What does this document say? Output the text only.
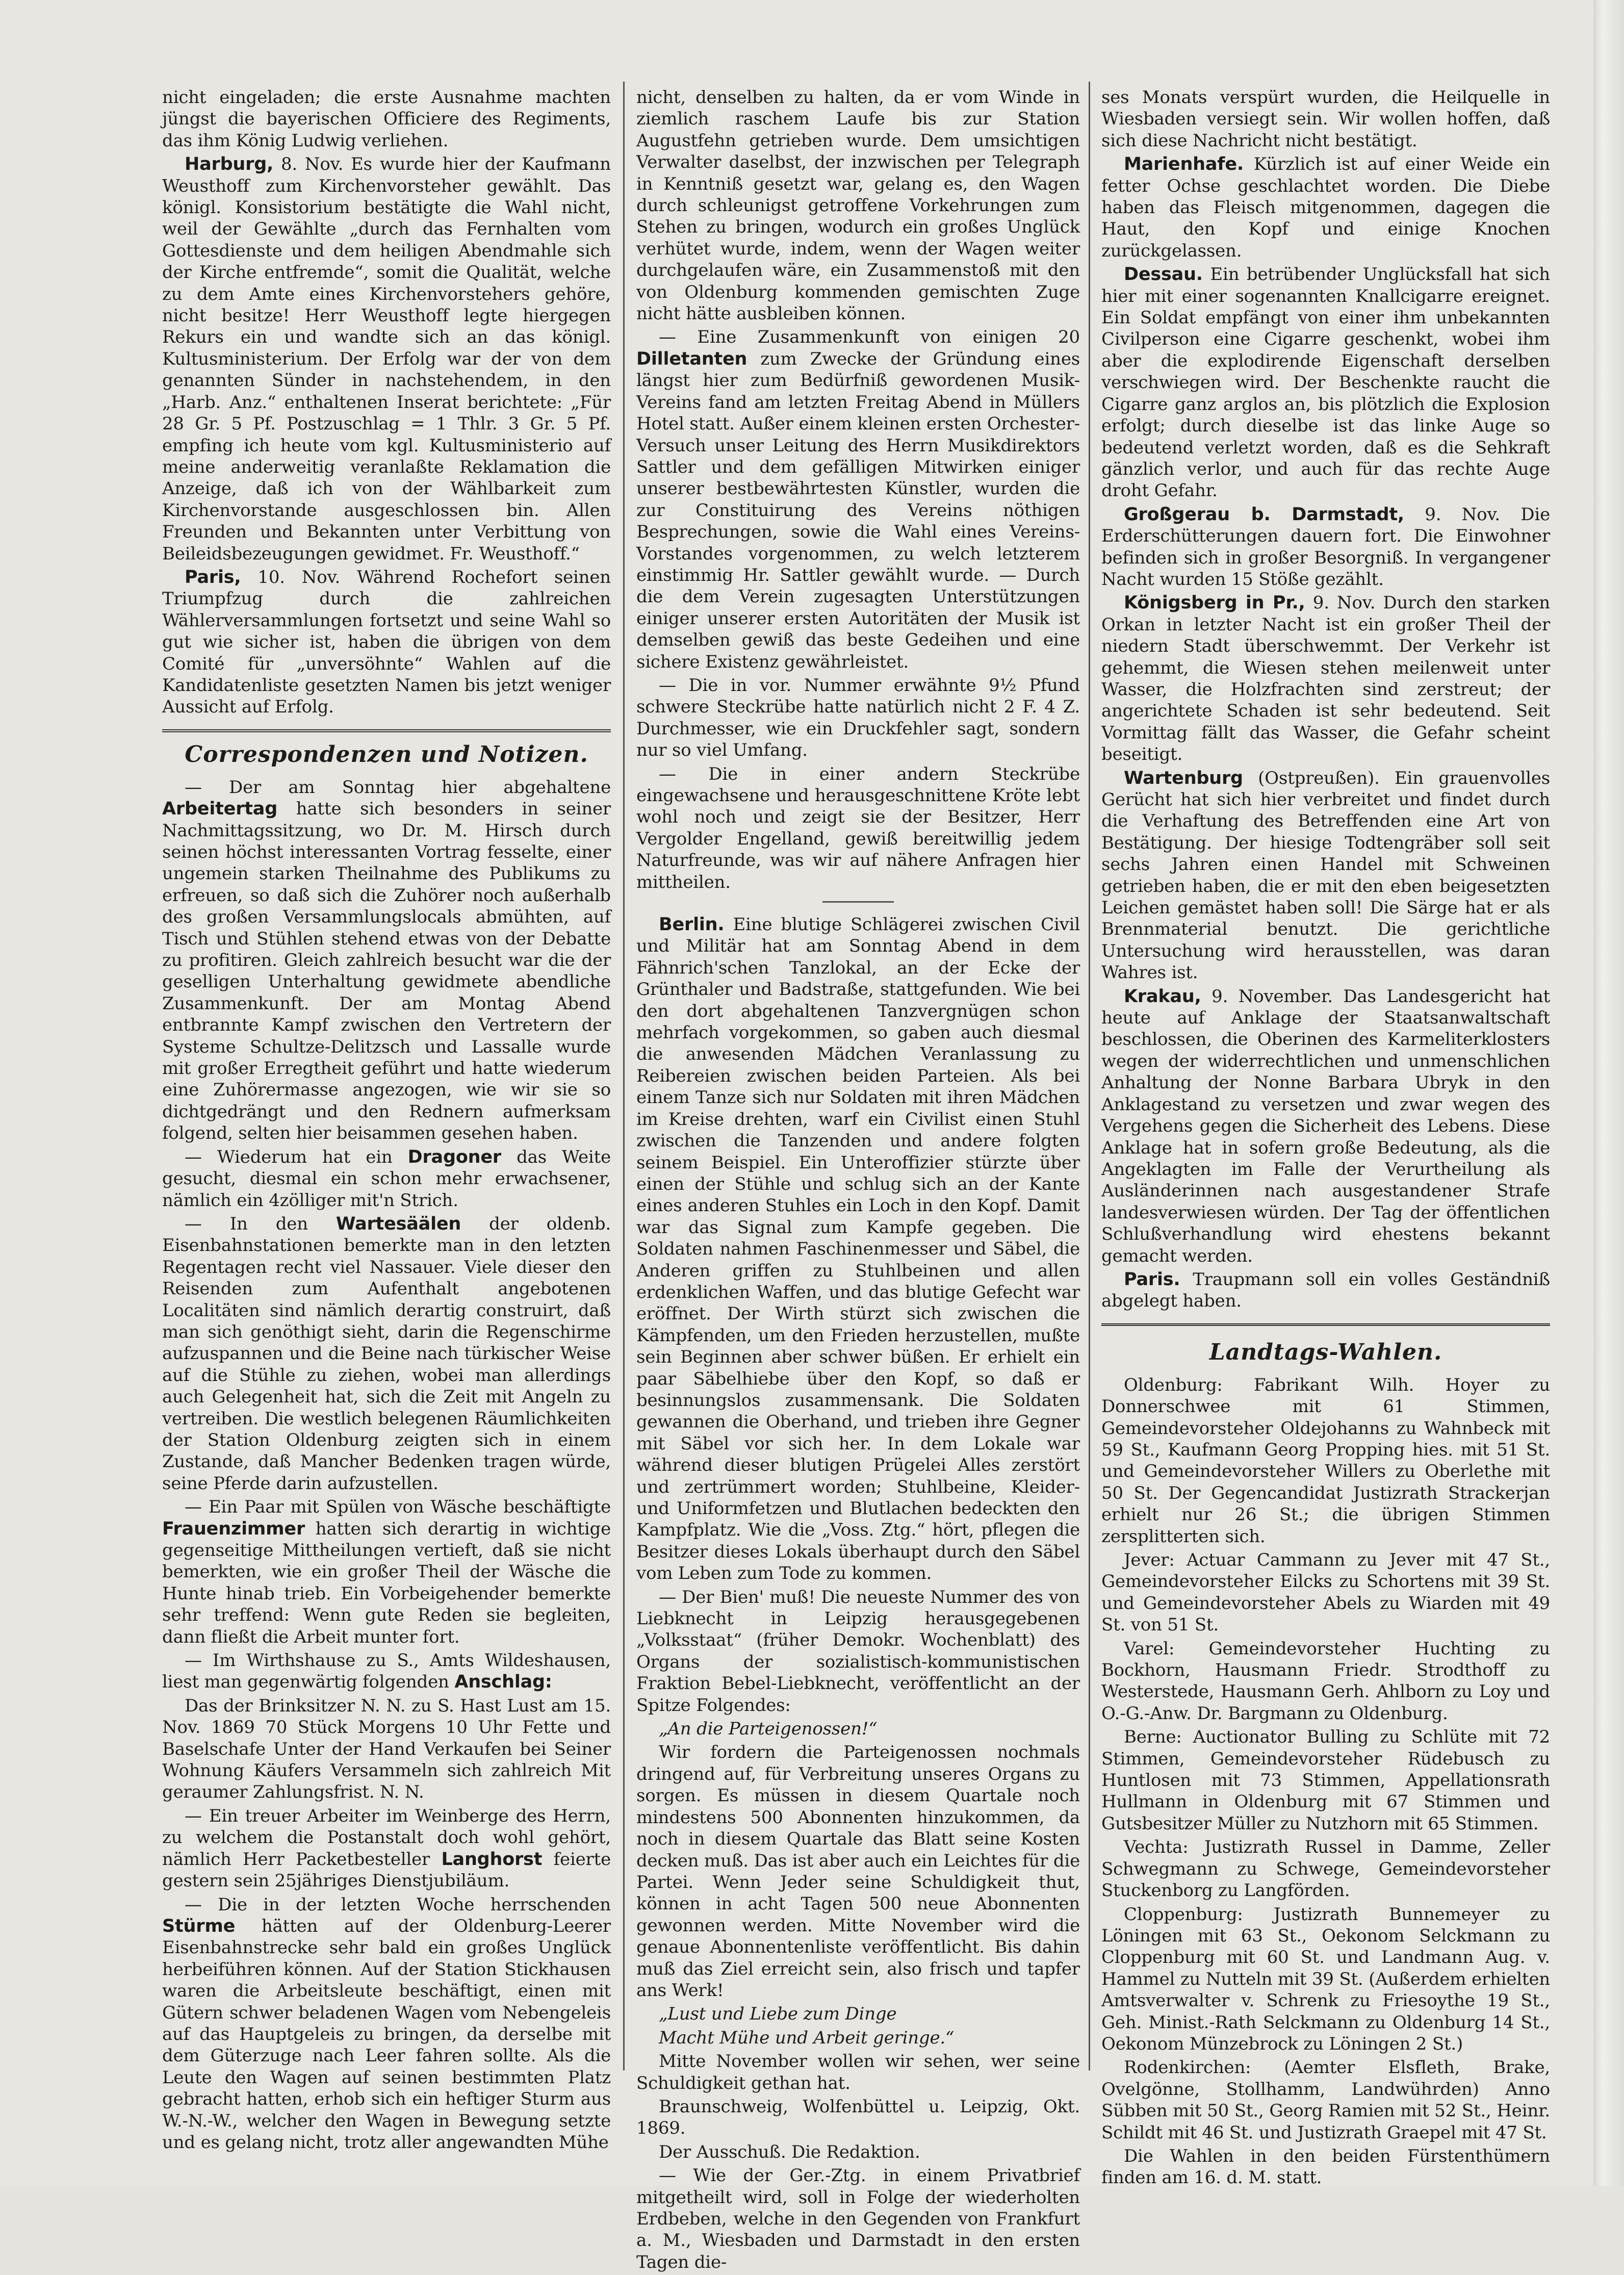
nicht eingeladen; die erste Ausnahme machten jüngst die bayerischen Officiere des Regiments, das ihm König Ludwig verliehen.

Harburg, 8. Nov. Es wurde hier der Kaufmann Weusthoff zum Kirchenvorsteher gewählt. Das königl. Konsistorium bestätigte die Wahl nicht, weil der Gewählte „durch das Fernhalten vom Gottesdienste und dem heiligen Abendmahle sich der Kirche entfremde“, somit die Qualität, welche zu dem Amte eines Kirchenvorstehers gehöre, nicht besitze! Herr Weusthoff legte hiergegen Rekurs ein und wandte sich an das königl. Kultusministerium. Der Erfolg war der von dem genannten Sünder in nachstehendem, in den „Harb. Anz.“ enthaltenen Inserat berichtete: „Für 28 Gr. 5 Pf. Postzuschlag = 1 Thlr. 3 Gr. 5 Pf. empfing ich heute vom kgl. Kultusministerio auf meine anderweitig veranlaßte Reklamation die Anzeige, daß ich von der Wählbarkeit zum Kirchenvorstande ausgeschlossen bin. Allen Freunden und Bekannten unter Verbittung von Beileidsbezeugungen gewidmet. Fr. Weusthoff.“

Paris, 10. Nov. Während Rochefort seinen Triumpfzug durch die zahlreichen Wählerversammlungen fortsetzt und seine Wahl so gut wie sicher ist, haben die übrigen von dem Comité für „unversöhnte“ Wahlen auf die Kandidatenliste gesetzten Namen bis jetzt weniger Aussicht auf Erfolg.

Correspondenzen und Notizen.

— Der am Sonntag hier abgehaltene Arbeitertag hatte sich besonders in seiner Nachmittagssitzung, wo Dr. M. Hirsch durch seinen höchst interessanten Vortrag fesselte, einer ungemein starken Theilnahme des Publikums zu erfreuen, so daß sich die Zuhörer noch außerhalb des großen Versammlungslocals abmühten, auf Tisch und Stühlen stehend etwas von der Debatte zu profitiren. Gleich zahlreich besucht war die der geselligen Unterhaltung gewidmete abendliche Zusammenkunft. Der am Montag Abend entbrannte Kampf zwischen den Vertretern der Systeme Schultze-Delitzsch und Lassalle wurde mit großer Erregtheit geführt und hatte wiederum eine Zuhörermasse angezogen, wie wir sie so dichtgedrängt und den Rednern aufmerksam folgend, selten hier beisammen gesehen haben.

— Wiederum hat ein Dragoner das Weite gesucht, diesmal ein schon mehr erwachsener, nämlich ein 4zölliger mit'n Strich.

— In den Wartesäälen der oldenb. Eisenbahnstationen bemerkte man in den letzten Regentagen recht viel Nassauer. Viele dieser den Reisenden zum Aufenthalt angebotenen Localitäten sind nämlich derartig construirt, daß man sich genöthigt sieht, darin die Regenschirme aufzuspannen und die Beine nach türkischer Weise auf die Stühle zu ziehen, wobei man allerdings auch Gelegenheit hat, sich die Zeit mit Angeln zu vertreiben. Die westlich belegenen Räumlichkeiten der Station Oldenburg zeigten sich in einem Zustande, daß Mancher Bedenken tragen würde, seine Pferde darin aufzustellen.

— Ein Paar mit Spülen von Wäsche beschäftigte Frauenzimmer hatten sich derartig in wichtige gegenseitige Mittheilungen vertieft, daß sie nicht bemerkten, wie ein großer Theil der Wäsche die Hunte hinab trieb. Ein Vorbeigehender bemerkte sehr treffend: Wenn gute Reden sie begleiten, dann fließt die Arbeit munter fort.

— Im Wirthshause zu S., Amts Wildeshausen, liest man gegenwärtig folgenden Anschlag:

Das der Brinksitzer N. N. zu S. Hast Lust am 15. Nov. 1869 70 Stück Morgens 10 Uhr Fette und Baselschafe Unter der Hand Verkaufen bei Seiner Wohnung Käufers Versammeln sich zahlreich Mit geraumer Zahlungsfrist. N. N.

— Ein treuer Arbeiter im Weinberge des Herrn, zu welchem die Postanstalt doch wohl gehört, nämlich Herr Packetbesteller Langhorst feierte gestern sein 25jähriges Dienstjubiläum.

— Die in der letzten Woche herrschenden Stürme hätten auf der Oldenburg-Leerer Eisenbahnstrecke sehr bald ein großes Unglück herbeiführen können. Auf der Station Stickhausen waren die Arbeitsleute beschäftigt, einen mit Gütern schwer beladenen Wagen vom Nebengeleis auf das Hauptgeleis zu bringen, da derselbe mit dem Güterzuge nach Leer fahren sollte. Als die Leute den Wagen auf seinen bestimmten Platz gebracht hatten, erhob sich ein heftiger Sturm aus W.-N.-W., welcher den Wagen in Bewegung setzte und es gelang nicht, trotz aller angewandten Mühe

nicht, denselben zu halten, da er vom Winde in ziemlich raschem Laufe bis zur Station Augustfehn getrieben wurde. Dem umsichtigen Verwalter daselbst, der inzwischen per Telegraph in Kenntniß gesetzt war, gelang es, den Wagen durch schleunigst getroffene Vorkehrungen zum Stehen zu bringen, wodurch ein großes Unglück verhütet wurde, indem, wenn der Wagen weiter durchgelaufen wäre, ein Zusammenstoß mit den von Oldenburg kommenden gemischten Zuge nicht hätte ausbleiben können.

— Eine Zusammenkunft von einigen 20 Dilletanten zum Zwecke der Gründung eines längst hier zum Bedürfniß gewordenen Musik-Vereins fand am letzten Freitag Abend in Müllers Hotel statt. Außer einem kleinen ersten Orchester-Versuch unser Leitung des Herrn Musikdirektors Sattler und dem gefälligen Mitwirken einiger unserer bestbewährtesten Künstler, wurden die zur Constituirung des Vereins nöthigen Besprechungen, sowie die Wahl eines Vereins-Vorstandes vorgenommen, zu welch letzterem einstimmig Hr. Sattler gewählt wurde. — Durch die dem Verein zugesagten Unterstützungen einiger unserer ersten Autoritäten der Musik ist demselben gewiß das beste Gedeihen und eine sichere Existenz gewährleistet.

— Die in vor. Nummer erwähnte 9½ Pfund schwere Steckrübe hatte natürlich nicht 2 F. 4 Z. Durchmesser, wie ein Druckfehler sagt, sondern nur so viel Umfang.

— Die in einer andern Steckrübe eingewachsene und herausgeschnittene Kröte lebt wohl noch und zeigt sie der Besitzer, Herr Vergolder Engelland, gewiß bereitwillig jedem Naturfreunde, was wir auf nähere Anfragen hier mittheilen.

Berlin. Eine blutige Schlägerei zwischen Civil und Militär hat am Sonntag Abend in dem Fähnrich'schen Tanzlokal, an der Ecke der Grünthaler und Badstraße, stattgefunden. Wie bei den dort abgehaltenen Tanzvergnügen schon mehrfach vorgekommen, so gaben auch diesmal die anwesenden Mädchen Veranlassung zu Reibereien zwischen beiden Parteien. Als bei einem Tanze sich nur Soldaten mit ihren Mädchen im Kreise drehten, warf ein Civilist einen Stuhl zwischen die Tanzenden und andere folgten seinem Beispiel. Ein Unteroffizier stürzte über einen der Stühle und schlug sich an der Kante eines anderen Stuhles ein Loch in den Kopf. Damit war das Signal zum Kampfe gegeben. Die Soldaten nahmen Faschinenmesser und Säbel, die Anderen griffen zu Stuhlbeinen und allen erdenklichen Waffen, und das blutige Gefecht war eröffnet. Der Wirth stürzt sich zwischen die Kämpfenden, um den Frieden herzustellen, mußte sein Beginnen aber schwer büßen. Er erhielt ein paar Säbelhiebe über den Kopf, so daß er besinnungslos zusammensank. Die Soldaten gewannen die Oberhand, und trieben ihre Gegner mit Säbel vor sich her. In dem Lokale war während dieser blutigen Prügelei Alles zerstört und zertrümmert worden; Stuhlbeine, Kleider- und Uniformfetzen und Blutlachen bedeckten den Kampfplatz. Wie die „Voss. Ztg.“ hört, pflegen die Besitzer dieses Lokals überhaupt durch den Säbel vom Leben zum Tode zu kommen.

— Der Bien' muß! Die neueste Nummer des von Liebknecht in Leipzig herausgegebenen „Volksstaat“ (früher Demokr. Wochenblatt) des Organs der sozialistisch-kommunistischen Fraktion Bebel-Liebknecht, veröffentlicht an der Spitze Folgendes:

„An die Parteigenossen!“

Wir fordern die Parteigenossen nochmals dringend auf, für Verbreitung unseres Organs zu sorgen. Es müssen in diesem Quartale noch mindestens 500 Abonnenten hinzukommen, da noch in diesem Quartale das Blatt seine Kosten decken muß. Das ist aber auch ein Leichtes für die Partei. Wenn Jeder seine Schuldigkeit thut, können in acht Tagen 500 neue Abonnenten gewonnen werden. Mitte November wird die genaue Abonnentenliste veröffentlicht. Bis dahin muß das Ziel erreicht sein, also frisch und tapfer ans Werk!

„Lust und Liebe zum Dinge

Macht Mühe und Arbeit geringe.“

Mitte November wollen wir sehen, wer seine Schuldigkeit gethan hat.

Braunschweig, Wolfenbüttel u. Leipzig, Okt. 1869.

Der Ausschuß. Die Redaktion.

— Wie der Ger.-Ztg. in einem Privatbrief mitgetheilt wird, soll in Folge der wiederholten Erdbeben, welche in den Gegenden von Frankfurt a. M., Wiesbaden und Darmstadt in den ersten Tagen die-

ses Monats verspürt wurden, die Heilquelle in Wiesbaden versiegt sein. Wir wollen hoffen, daß sich diese Nachricht nicht bestätigt.

Marienhafe. Kürzlich ist auf einer Weide ein fetter Ochse geschlachtet worden. Die Diebe haben das Fleisch mitgenommen, dagegen die Haut, den Kopf und einige Knochen zurückgelassen.

Dessau. Ein betrübender Unglücksfall hat sich hier mit einer sogenannten Knallcigarre ereignet. Ein Soldat empfängt von einer ihm unbekannten Civilperson eine Cigarre geschenkt, wobei ihm aber die explodirende Eigenschaft derselben verschwiegen wird. Der Beschenkte raucht die Cigarre ganz arglos an, bis plötzlich die Explosion erfolgt; durch dieselbe ist das linke Auge so bedeutend verletzt worden, daß es die Sehkraft gänzlich verlor, und auch für das rechte Auge droht Gefahr.

Großgerau b. Darmstadt, 9. Nov. Die Erderschütterungen dauern fort. Die Einwohner befinden sich in großer Besorgniß. In vergangener Nacht wurden 15 Stöße gezählt.

Königsberg in Pr., 9. Nov. Durch den starken Orkan in letzter Nacht ist ein großer Theil der niedern Stadt überschwemmt. Der Verkehr ist gehemmt, die Wiesen stehen meilenweit unter Wasser, die Holzfrachten sind zerstreut; der angerichtete Schaden ist sehr bedeutend. Seit Vormittag fällt das Wasser, die Gefahr scheint beseitigt.

Wartenburg (Ostpreußen). Ein grauenvolles Gerücht hat sich hier verbreitet und findet durch die Verhaftung des Betreffenden eine Art von Bestätigung. Der hiesige Todtengräber soll seit sechs Jahren einen Handel mit Schweinen getrieben haben, die er mit den eben beigesetzten Leichen gemästet haben soll! Die Särge hat er als Brennmaterial benutzt. Die gerichtliche Untersuchung wird herausstellen, was daran Wahres ist.

Krakau, 9. November. Das Landesgericht hat heute auf Anklage der Staatsanwaltschaft beschlossen, die Oberinen des Karmeliterklosters wegen der widerrechtlichen und unmenschlichen Anhaltung der Nonne Barbara Ubryk in den Anklagestand zu versetzen und zwar wegen des Vergehens gegen die Sicherheit des Lebens. Diese Anklage hat in sofern große Bedeutung, als die Angeklagten im Falle der Verurtheilung als Ausländerinnen nach ausgestandener Strafe landesverwiesen würden. Der Tag der öffentlichen Schlußverhandlung wird ehestens bekannt gemacht werden.

Paris. Traupmann soll ein volles Geständniß abgelegt haben.

Landtags-Wahlen.

Oldenburg: Fabrikant Wilh. Hoyer zu Donnerschwee mit 61 Stimmen, Gemeindevorsteher Oldejohanns zu Wahnbeck mit 59 St., Kaufmann Georg Propping hies. mit 51 St. und Gemeindevorsteher Willers zu Oberlethe mit 50 St. Der Gegencandidat Justizrath Strackerjan erhielt nur 26 St.; die übrigen Stimmen zersplitterten sich.

Jever: Actuar Cammann zu Jever mit 47 St., Gemeindevorsteher Eilcks zu Schortens mit 39 St. und Gemeindevorsteher Abels zu Wiarden mit 49 St. von 51 St.

Varel: Gemeindevorsteher Huchting zu Bockhorn, Hausmann Friedr. Strodthoff zu Westerstede, Hausmann Gerh. Ahlborn zu Loy und O.-G.-Anw. Dr. Bargmann zu Oldenburg.

Berne: Auctionator Bulling zu Schlüte mit 72 Stimmen, Gemeindevorsteher Rüdebusch zu Huntlosen mit 73 Stimmen, Appellationsrath Hullmann in Oldenburg mit 67 Stimmen und Gutsbesitzer Müller zu Nutzhorn mit 65 Stimmen.

Vechta: Justizrath Russel in Damme, Zeller Schwegmann zu Schwege, Gemeindevorsteher Stuckenborg zu Langförden.

Cloppenburg: Justizrath Bunnemeyer zu Löningen mit 63 St., Oekonom Selckmann zu Cloppenburg mit 60 St. und Landmann Aug. v. Hammel zu Nutteln mit 39 St. (Außerdem erhielten Amtsverwalter v. Schrenk zu Friesoythe 19 St., Geh. Minist.-Rath Selckmann zu Oldenburg 14 St., Oekonom Münzebrock zu Löningen 2 St.)

Rodenkirchen: (Aemter Elsfleth, Brake, Ovelgönne, Stollhamm, Landwührden) Anno Sübben mit 50 St., Georg Ramien mit 52 St., Heinr. Schildt mit 46 St. und Justizrath Graepel mit 47 St.

Die Wahlen in den beiden Fürstenthümern finden am 16. d. M. statt.
